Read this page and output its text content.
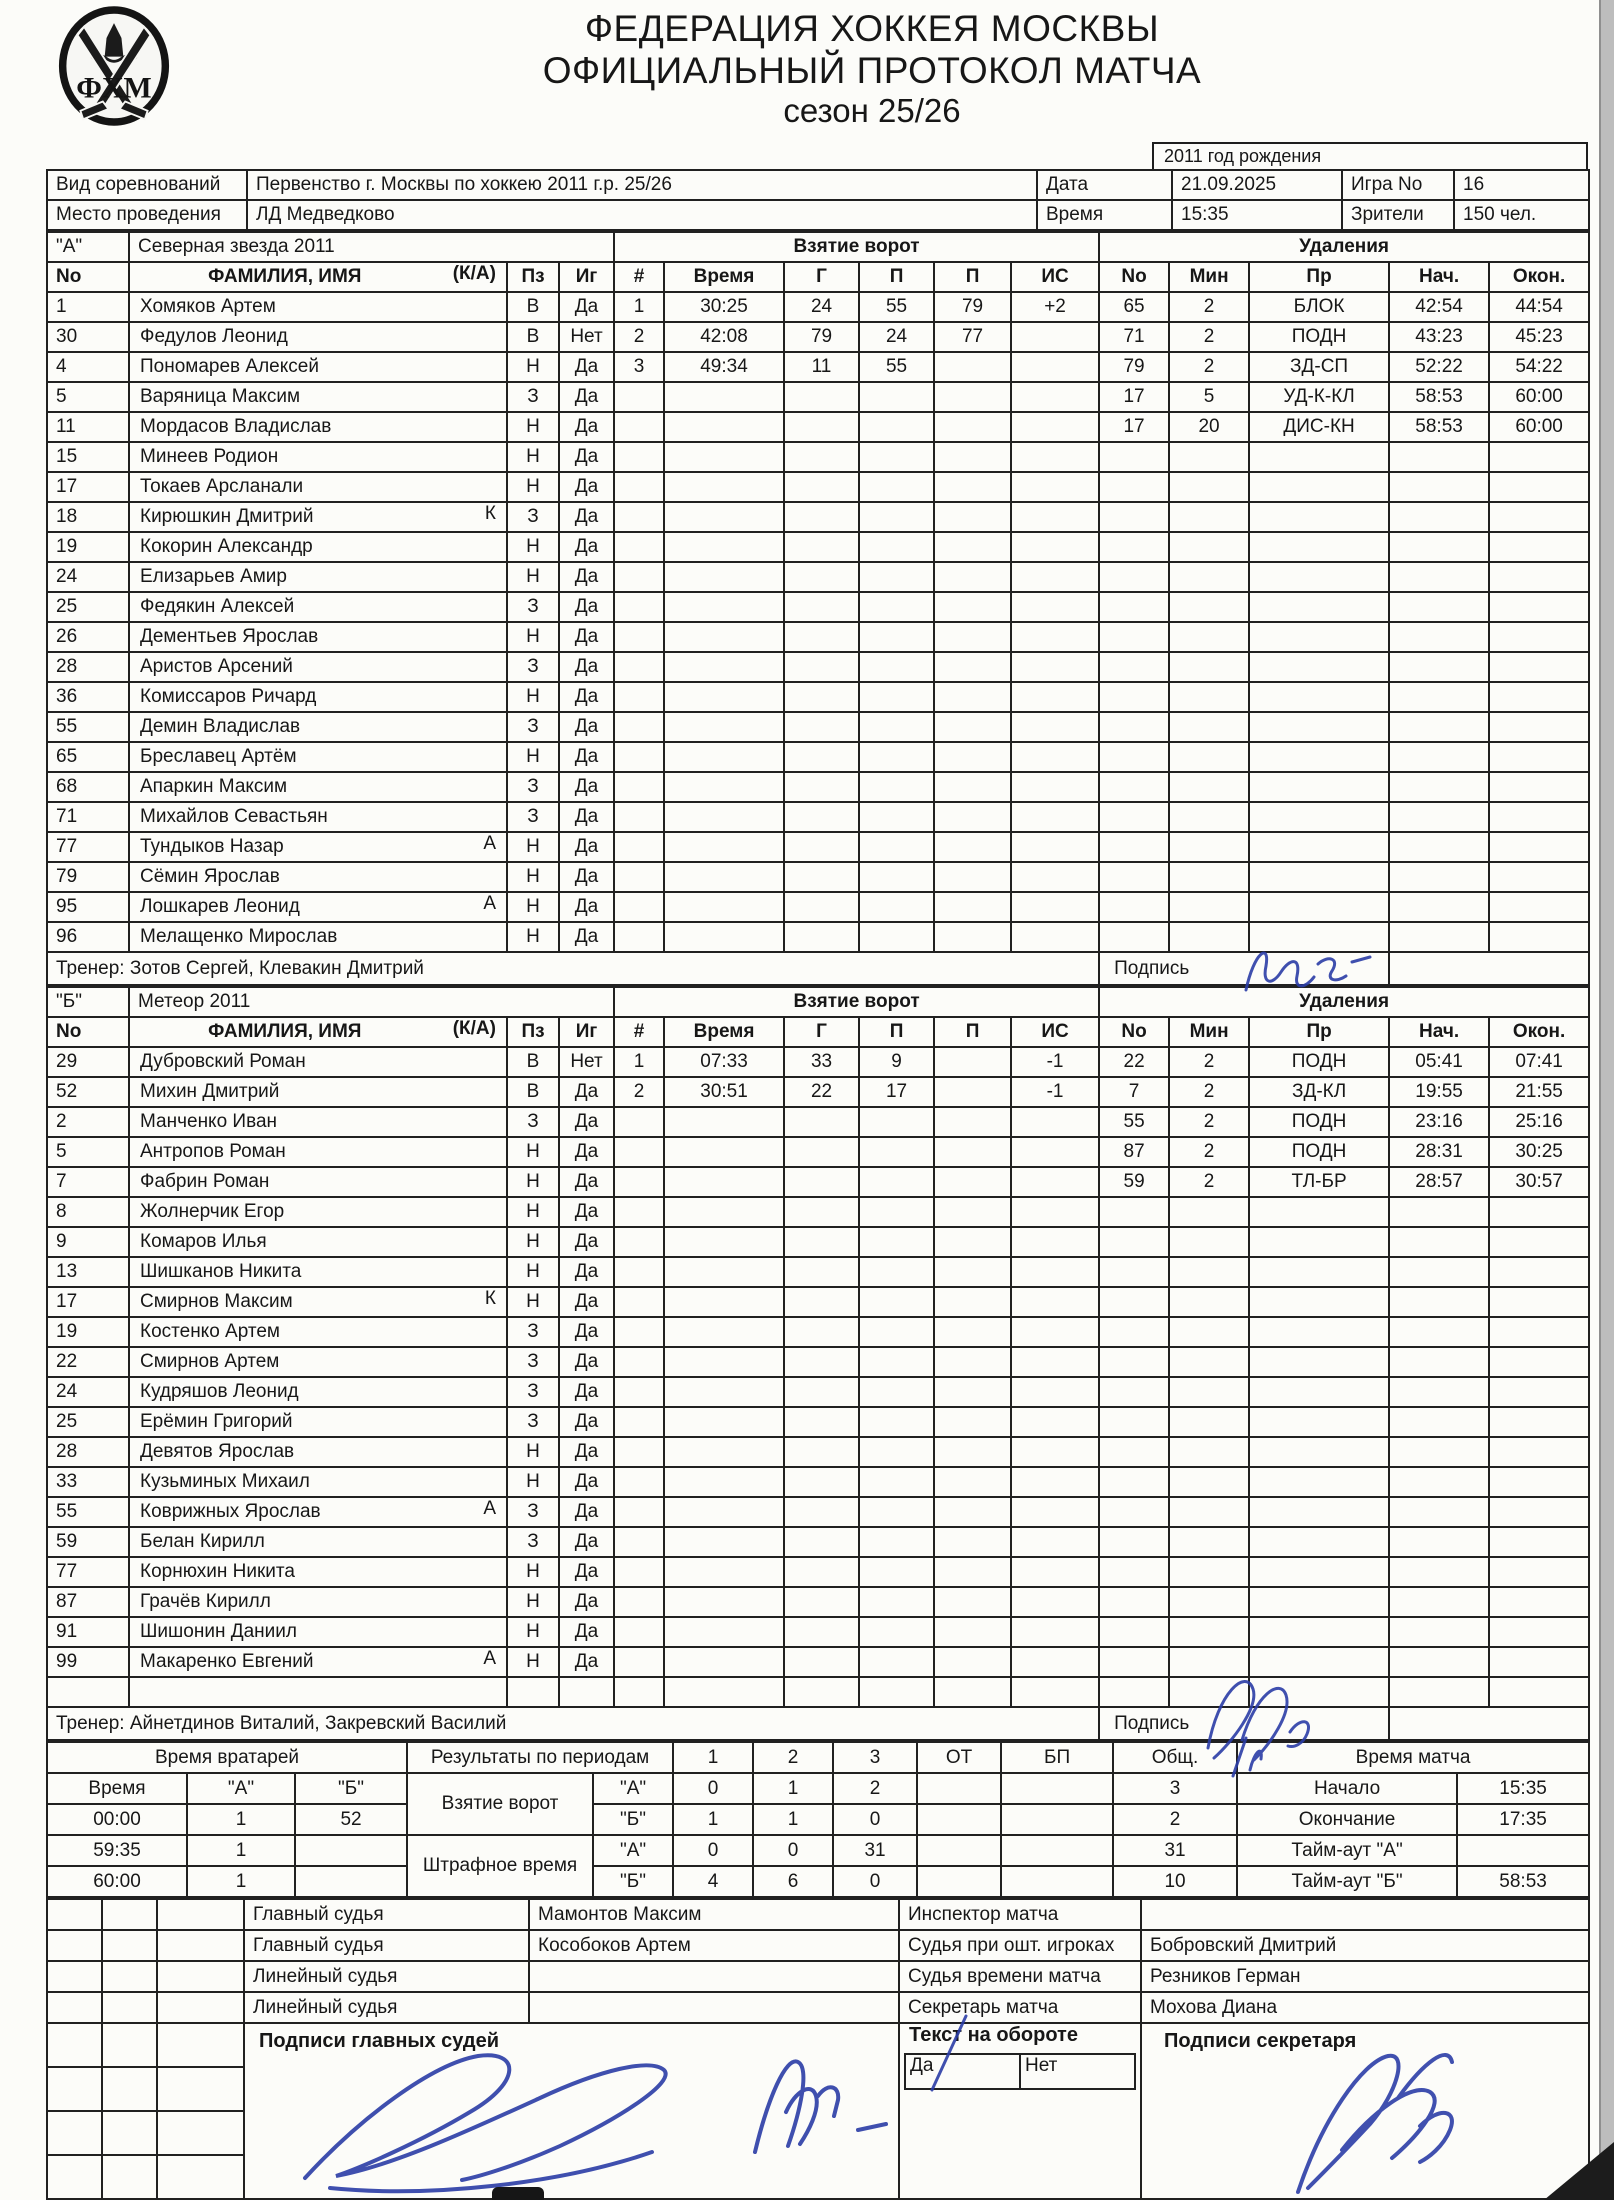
ФХМ
ФЕДЕРАЦИЯ ХОККЕЯ МОСКВЫ
ОФИЦИАЛЬНЫЙ ПРОТОКОЛ МАТЧА
сезон 25/26
2011 год рождения
Вид соревнований	Первенство г. Москвы по хоккею 2011 г.р. 25/26	Дата	21.09.2025	Игра No	16
Место проведения	ЛД Медведково	Время	15:35	Зрители	150 чел.
"А"	Северная звезда 2011			Взятие ворот						Удаления				
No	ФАМИЛИЯ, ИМЯ (К/А)	Пз	Иг	#	Время	Г	П	П	ИС	No	Мин	Пр	Нач.	Окон.
1	Хомяков Артем	В	Да	1	30:25	24	55	79	+2	65	2	БЛОК	42:54	44:54
30	Федулов Леонид	В	Нет	2	42:08	79	24	77		71	2	ПОДН	43:23	45:23
4	Пономарев Алексей	Н	Да	3	49:34	11	55			79	2	ЗД-СП	52:22	54:22
5	Варяница Максим	З	Да							17	5	УД-К-КЛ	58:53	60:00
11	Мордасов Владислав	Н	Да							17	20	ДИС-КН	58:53	60:00
15	Минеев Родион	Н	Да											
17	Токаев Арсланали	Н	Да											
18	Кирюшкин Дмитрий К	З	Да											
19	Кокорин Александр	Н	Да											
24	Елизарьев Амир	Н	Да											
25	Федякин Алексей	З	Да											
26	Дементьев Ярослав	Н	Да											
28	Аристов Арсений	З	Да											
36	Комиссаров Ричард	Н	Да											
55	Демин Владислав	З	Да											
65	Бреславец Артём	Н	Да											
68	Апаркин Максим	З	Да											
71	Михайлов Севастьян	З	Да											
77	Тундыков Назар А	Н	Да											
79	Сёмин Ярослав	Н	Да											
95	Лошкарев Леонид А	Н	Да											
96	Мелащенко Мирослав	Н	Да											
Тренер: Зотов Сергей, Клевакин Дмитрий										Подпись				
"Б"	Метеор 2011			Взятие ворот						Удаления				
No	ФАМИЛИЯ, ИМЯ (К/А)	Пз	Иг	#	Время	Г	П	П	ИС	No	Мин	Пр	Нач.	Окон.
29	Дубровский Роман	В	Нет	1	07:33	33	9		-1	22	2	ПОДН	05:41	07:41
52	Михин Дмитрий	В	Да	2	30:51	22	17		-1	7	2	ЗД-КЛ	19:55	21:55
2	Манченко Иван	З	Да							55	2	ПОДН	23:16	25:16
5	Антропов Роман	Н	Да							87	2	ПОДН	28:31	30:25
7	Фабрин Роман	Н	Да							59	2	ТЛ-БР	28:57	30:57
8	Жолнерчик Егор	Н	Да											
9	Комаров Илья	Н	Да											
13	Шишканов Никита	Н	Да											
17	Смирнов Максим К	Н	Да											
19	Костенко Артем	З	Да											
22	Смирнов Артем	З	Да											
24	Кудряшов Леонид	З	Да											
25	Ерёмин Григорий	З	Да											
28	Девятов Ярослав	Н	Да											
33	Кузьминых Михаил	Н	Да											
55	Коврижных Ярослав А	З	Да											
59	Белан Кирилл	З	Да											
77	Корнюхин Никита	Н	Да											
87	Грачёв Кирилл	Н	Да											
91	Шишонин Даниил	Н	Да											
99	Макаренко Евгений А	Н	Да											

Тренер: Айнетдинов Виталий, Закревский Василий										Подпись				
Время вратарей			Результаты по периодам		1	2	3	ОТ	БП	Общ.	Время матча	
Время	"А"	"Б"	Взятие ворот	"А"	0	1	2			3	Начало	15:35
00:00	1	52		"Б"	1	1	0			2	Окончание	17:35
59:35	1		Штрафное время	"А"	0	0	31			31	Тайм-аут "А"	
60:00	1			"Б"	4	6	0			10	Тайм-аут "Б"	58:53
			Главный судья	Мамонтов Максим	Инспектор матча	
			Главный судья	Кособоков Артем	Судья при ошт. игроках	Бобровский Дмитрий
			Линейный судья		Судья времени матча	Резников Герман
			Линейный судья		Секретарь матча	Мохова Диана

Подписи главных судей
		Текст на обороте
Да	Нет

Подписи секретаря
